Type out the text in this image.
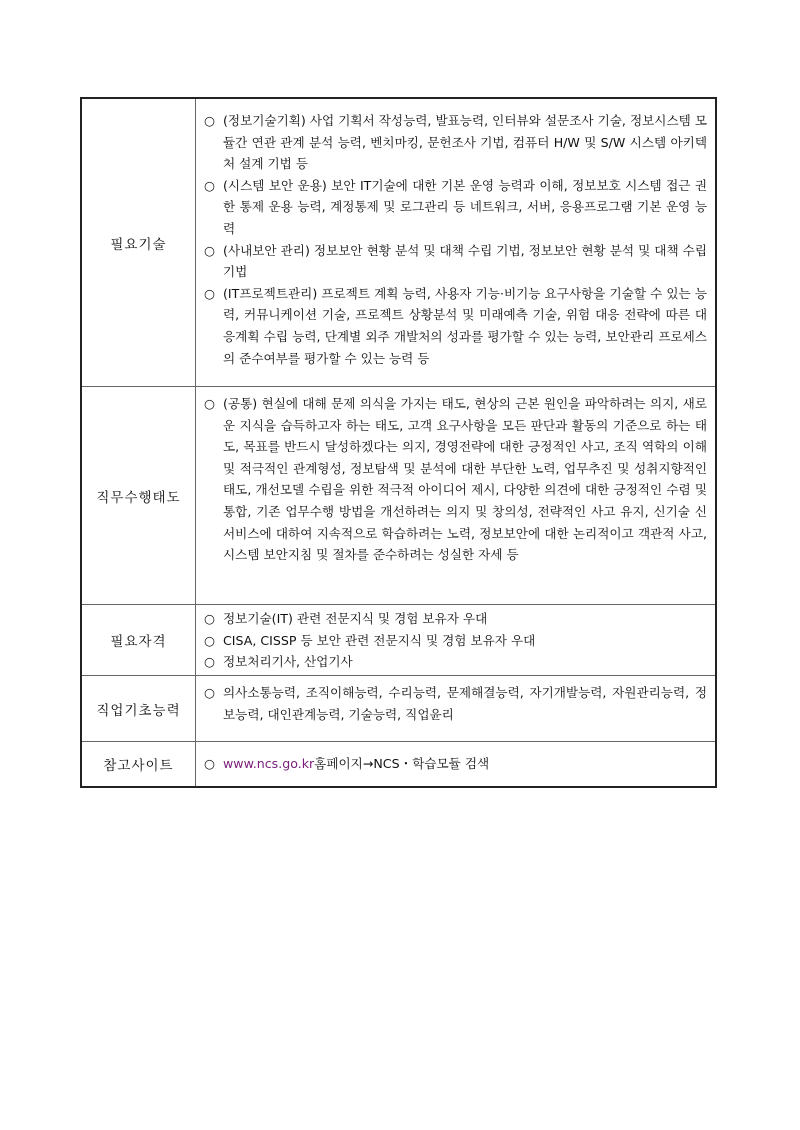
필요기술
○ (정보기술기획) 사업 기획서 작성능력, 발표능력, 인터뷰와 설문조사 기술, 정보시스템 모듈간 연관 관계 분석 능력, 벤치마킹, 문헌조사 기법, 컴퓨터 H/W 및 S/W 시스템 아키텍처 설계 기법 등
○ (시스템 보안 운용) 보안 IT기술에 대한 기본 운영 능력과 이해, 정보보호 시스템 접근 권한 통제 운용 능력, 계정통제 및 로그관리 등 네트워크, 서버, 응용프로그램 기본 운영 능력
○ (사내보안 관리) 정보보안 현황 분석 및 대책 수립 기법, 정보보안 현황 분석 및 대책 수립 기법
○ (IT프로젝트관리) 프로젝트 계획 능력, 사용자 기능·비기능 요구사항을 기술할 수 있는 능력, 커뮤니케이션 기술, 프로젝트 상황분석 및 미래예측 기술, 위험 대응 전략에 따른 대응계획 수립 능력, 단계별 외주 개발처의 성과를 평가할 수 있는 능력, 보안관리 프로세스의 준수여부를 평가할 수 있는 능력 등
직무수행태도
○ (공통) 현실에 대해 문제 의식을 가지는 태도, 현상의 근본 원인을 파악하려는 의지, 새로운 지식을 습득하고자 하는 태도, 고객 요구사항을 모든 판단과 활동의 기준으로 하는 태도, 목표를 반드시 달성하겠다는 의지, 경영전략에 대한 긍정적인 사고, 조직 역학의 이해 및 적극적인 관계형성, 정보탐색 및 분석에 대한 부단한 노력, 업무추진 및 성취지향적인 태도, 개선모델 수립을 위한 적극적 아이디어 제시, 다양한 의견에 대한 긍정적인 수렴 및 통합, 기존 업무수행 방법을 개선하려는 의지 및 창의성, 전략적인 사고 유지, 신기술 신서비스에 대하여 지속적으로 학습하려는 노력, 정보보안에 대한 논리적이고 객관적 사고, 시스템 보안지침 및 절차를 준수하려는 성실한 자세 등
필요자격
○ 정보기술(IT) 관련 전문지식 및 경험 보유자 우대
○ CISA, CISSP 등 보안 관련 전문지식 및 경험 보유자 우대
○ 정보처리기사, 산업기사
직업기초능력
○ 의사소통능력, 조직이해능력, 수리능력, 문제해결능력, 자기개발능력, 자원관리능력, 정보능력, 대인관계능력, 기술능력, 직업윤리
참고사이트	○ www.ncs.go.kr홈페이지→NCS・학습모듈 검색
